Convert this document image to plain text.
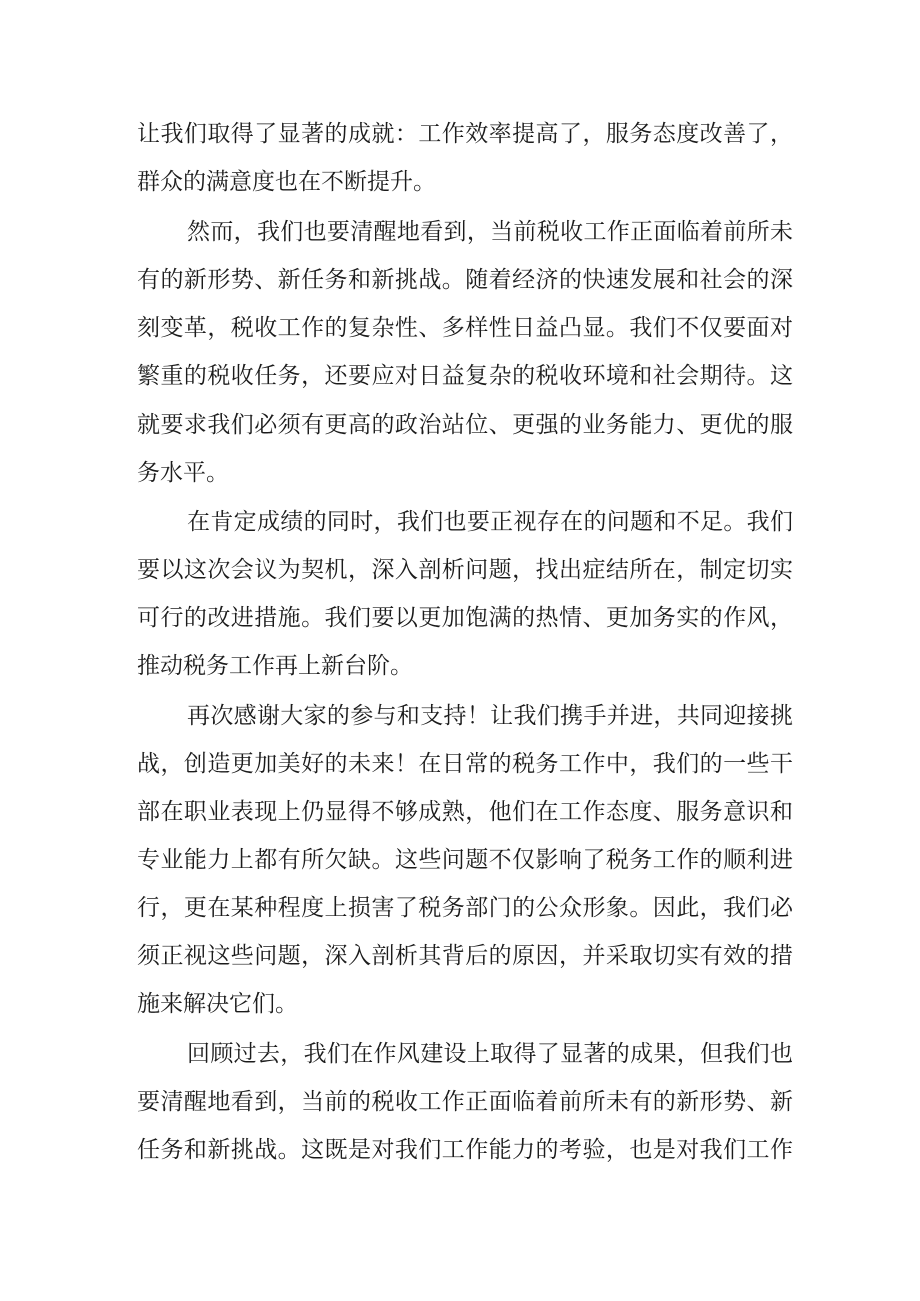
让我们取得了显著的成就：工作效率提高了，服务态度改善了，

群众的满意度也在不断提升。

然而，我们也要清醒地看到，当前税收工作正面临着前所未

有的新形势、新任务和新挑战。随着经济的快速发展和社会的深

刻变革，税收工作的复杂性、多样性日益凸显。我们不仅要面对

繁重的税收任务，还要应对日益复杂的税收环境和社会期待。这

就要求我们必须有更高的政治站位、更强的业务能力、更优的服

务水平。

在肯定成绩的同时，我们也要正视存在的问题和不足。我们

要以这次会议为契机，深入剖析问题，找出症结所在，制定切实

可行的改进措施。我们要以更加饱满的热情、更加务实的作风，

推动税务工作再上新台阶。

再次感谢大家的参与和支持！让我们携手并进，共同迎接挑

战，创造更加美好的未来！在日常的税务工作中，我们的一些干

部在职业表现上仍显得不够成熟，他们在工作态度、服务意识和

专业能力上都有所欠缺。这些问题不仅影响了税务工作的顺利进

行，更在某种程度上损害了税务部门的公众形象。因此，我们必

须正视这些问题，深入剖析其背后的原因，并采取切实有效的措

施来解决它们。

回顾过去，我们在作风建设上取得了显著的成果，但我们也

要清醒地看到，当前的税收工作正面临着前所未有的新形势、新

任务和新挑战。这既是对我们工作能力的考验，也是对我们工作
